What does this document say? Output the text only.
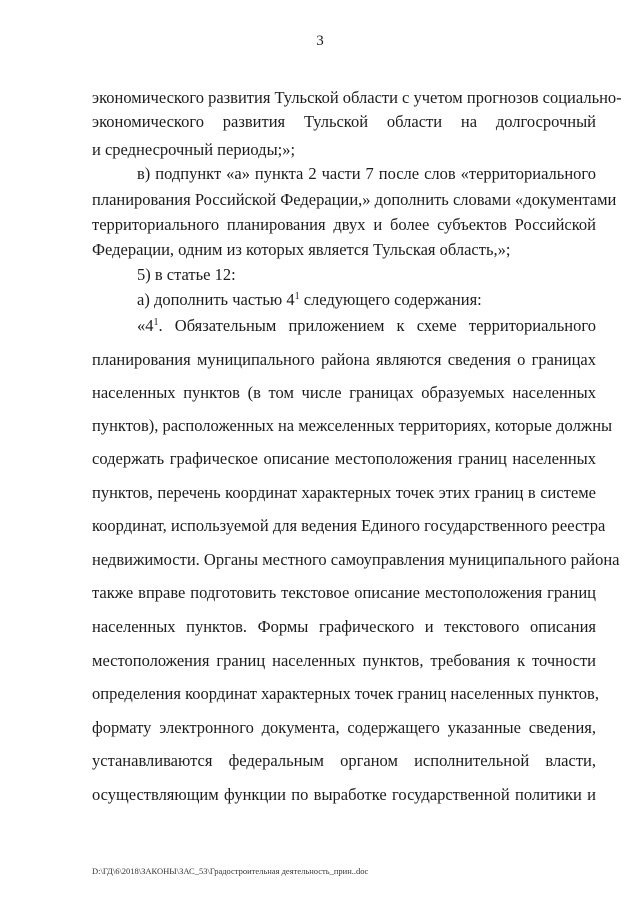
3
экономического развития Тульской области с учетом прогнозов социально-
экономического развития Тульской области на долгосрочный
и среднесрочный периоды;»;
в) подпункт «а» пункта 2 части 7 после слов «территориального
планирования Российской Федерации,» дополнить словами «документами
территориального планирования двух и более субъектов Российской
Федерации, одним из которых является Тульская область,»;
5) в статье 12:
а) дополнить частью $4^1$ следующего содержания:
«$4^1$. Обязательным приложением к схеме территориального
планирования муниципального района являются сведения о границах
населенных пунктов (в том числе границах образуемых населенных
пунктов), расположенных на межселенных территориях, которые должны
содержать графическое описание местоположения границ населенных
пунктов, перечень координат характерных точек этих границ в системе
координат, используемой для ведения Единого государственного реестра
недвижимости. Органы местного самоуправления муниципального района
также вправе подготовить текстовое описание местоположения границ
населенных пунктов. Формы графического и текстового описания
местоположения границ населенных пунктов, требования к точности
определения координат характерных точек границ населенных пунктов,
формату электронного документа, содержащего указанные сведения,
устанавливаются федеральным органом исполнительной власти,
осуществляющим функции по выработке государственной политики и
D:\ГД\6\2018\ЗАКОНЫ\ЗАС_53\Градостроительная деятельность_прин..doc
